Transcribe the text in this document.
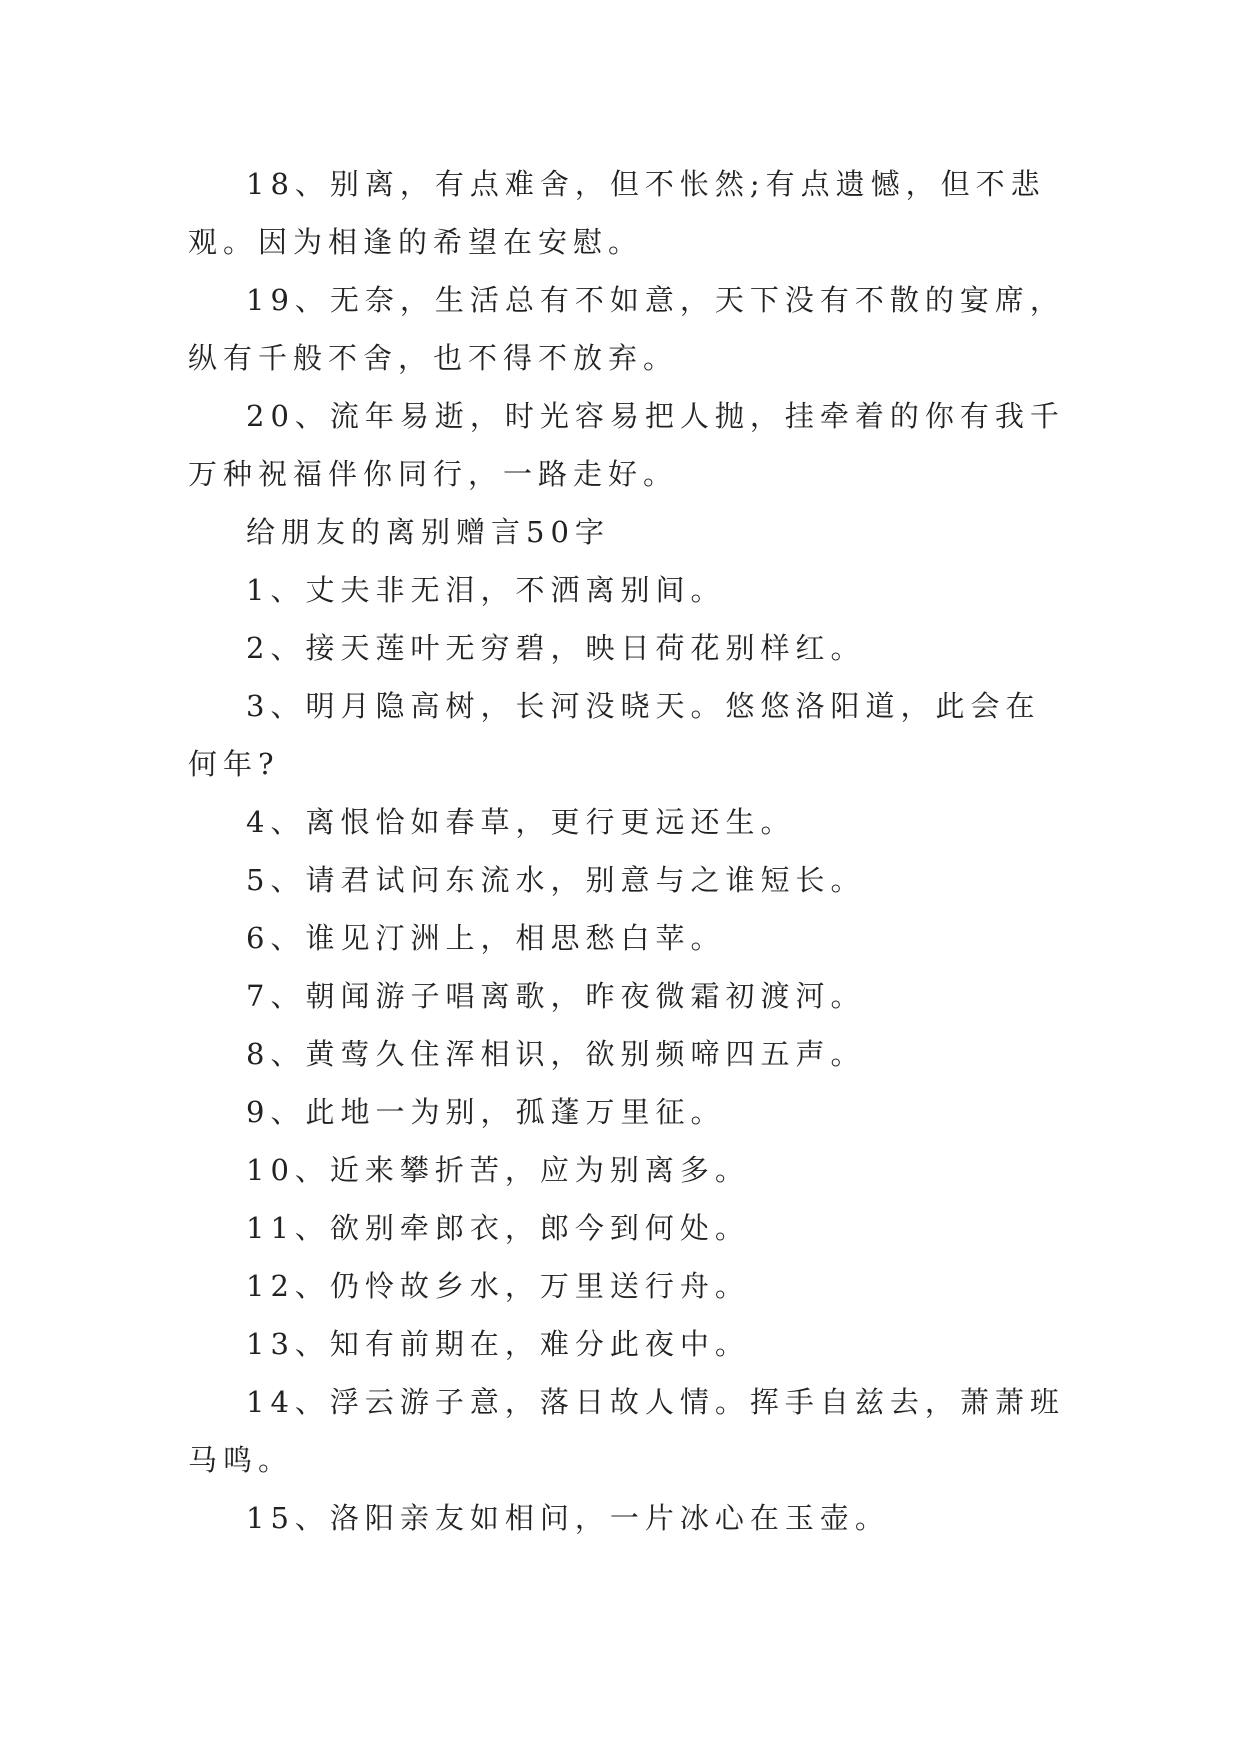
18、别离，有点难舍，但不怅然;有点遗憾，但不悲观。因为相逢的希望在安慰。

19、无奈，生活总有不如意，天下没有不散的宴席，纵有千般不舍，也不得不放弃。

20、流年易逝，时光容易把人抛，挂牵着的你有我千万种祝福伴你同行，一路走好。

给朋友的离别赠言50字

1、丈夫非无泪，不洒离别间。

2、接天莲叶无穷碧，映日荷花别样红。

3、明月隐高树，长河没晓天。悠悠洛阳道，此会在何年?

4、离恨恰如春草，更行更远还生。

5、请君试问东流水，别意与之谁短长。

6、谁见汀洲上，相思愁白苹。

7、朝闻游子唱离歌，昨夜微霜初渡河。

8、黄莺久住浑相识，欲别频啼四五声。

9、此地一为别，孤蓬万里征。

10、近来攀折苦，应为别离多。

11、欲别牵郎衣，郎今到何处。

12、仍怜故乡水，万里送行舟。

13、知有前期在，难分此夜中。

14、浮云游子意，落日故人情。挥手自兹去，萧萧班马鸣。

15、洛阳亲友如相问，一片冰心在玉壶。
